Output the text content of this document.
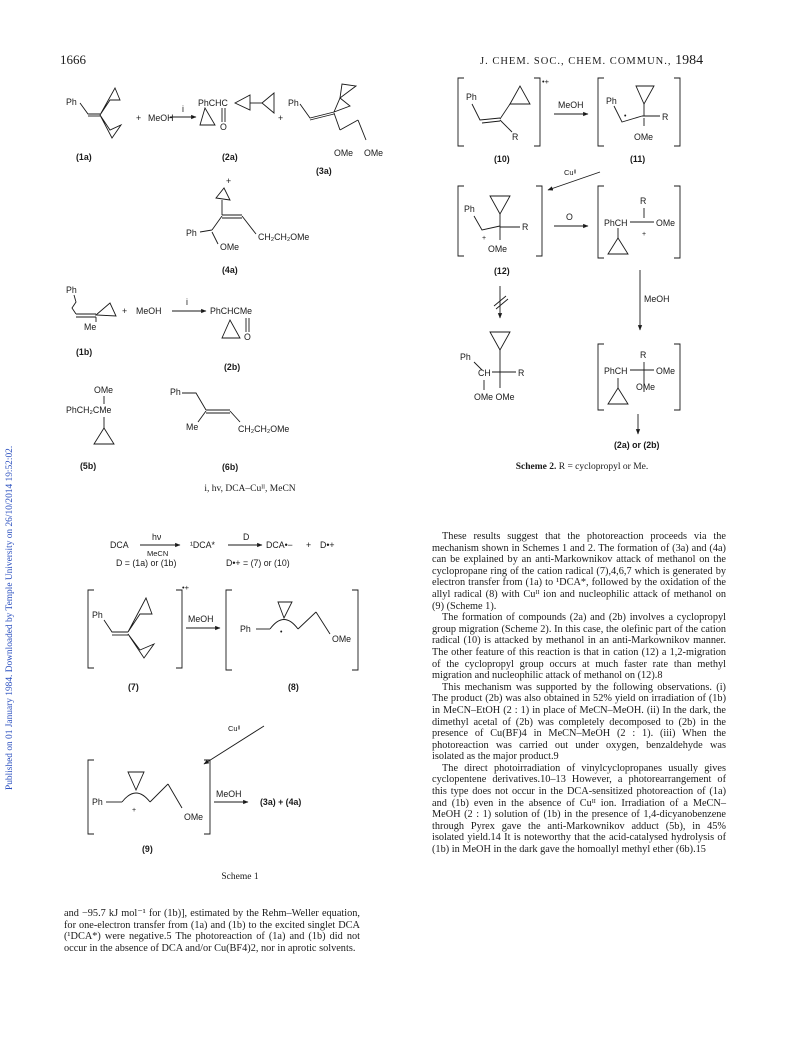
1666	J. CHEM. SOC., CHEM. COMMUN., 1984
Published on 01 January 1984. Downloaded by Temple University on 26/10/2014 19:52:02.
Ph
(1a)
+ MeOH
i
PhCHC
O
(2a)
+
Ph
OMe OMe
(3a)
+
Ph
OMe
CH₂CH₂OMe
(4a)
Ph
Me
(1b)
+ MeOH
i
PhCHCMe
O
(2b)
OMe
PhCH₂CMe
(5b)
Ph
Me	CH₂CH₂OMe
(6b)
DCA
hν
MeCN
¹DCA*
D
DCA•− + D•+
D = (1a) or (1b)	D•+ = (7) or (10)
•+
Ph
(7)
MeOH
Ph	•
OMe
(8)
Cuᴵᴵ
Ph
+
OMe
(9)
MeOH
(3a) + (4a)
•+
Ph
R
(10)
MeOH	Ph
•	R
OMe
(11)
Cuᴵᴵ
Ph
+
R
OMe
(12)
O
R
PhCH	OMe
+
MeOH
Ph
CH	R
OMe OMe
R
PhCH	OMe
OMe
(2a) or (2b)
i, hv, DCA–Cuᴵᴵ, MeCN
Scheme 1
Scheme 2. R = cyclopropyl or Me.

These results suggest that the photoreaction proceeds via the mechanism shown in Schemes 1 and 2. The formation of (3a) and (4a) can be explained by an anti-Markownikov attack of methanol on the cyclopropane ring of the cation radical (7),4,6,7 which is generated by electron transfer from (1a) to ¹DCA*, followed by the oxidation of the allyl radical (8) with Cuᴵᴵ ion and nucleophilic attack of methanol on (9) (Scheme 1).

The formation of compounds (2a) and (2b) involves a cyclopropyl group migration (Scheme 2). In this case, the olefinic part of the cation radical (10) is attacked by methanol in an anti-Markownikov manner. The other feature of this reaction is that in cation (12) a 1,2-migration of the cyclopropyl group occurs at much faster rate than methyl migration and nucleophilic attack of methanol on (12).8

This mechanism was supported by the following observations. (i) The product (2b) was also obtained in 52% yield on irradiation of (1b) in MeCN–EtOH (2 : 1) in place of MeCN–MeOH. (ii) In the dark, the dimethyl acetal of (2b) was completely decomposed to (2b) in the presence of Cu(BF)4 in MeCN–MeOH (2 : 1). (iii) When the photoreaction was carried out under oxygen, benzaldehyde was isolated as the major product.9

The direct photoirradiation of vinylcyclopropanes usually gives cyclopentene derivatives.10–13 However, a photorearrangement of this type does not occur in the DCA-sensitized photoreaction of (1a) and (1b) even in the absence of Cuᴵᴵ ion. Irradiation of a MeCN–MeOH (2 : 1) solution of (1b) in the presence of 1,4-dicyanobenzene through Pyrex gave the anti-Markownikov adduct (5b), in 45% isolated yield.14 It is noteworthy that the acid-catalysed hydrolysis of (1b) in MeOH in the dark gave the homoallyl methyl ether (6b).15

and −95.7 kJ mol⁻¹ for (1b)], estimated by the Rehm–Weller equation, for one-electron transfer from (1a) and (1b) to the excited singlet DCA (¹DCA*) were negative.5 The photoreaction of (1a) and (1b) did not occur in the absence of DCA and/or Cu(BF4)2, nor in aprotic solvents.
